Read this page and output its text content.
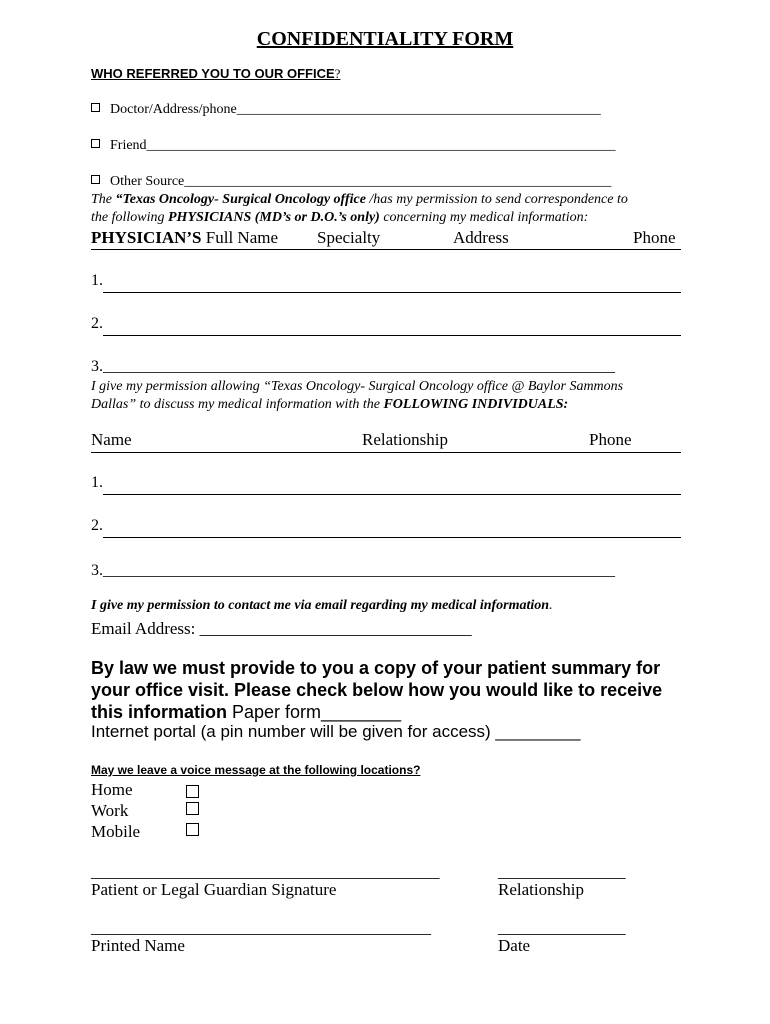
CONFIDENTIALITY FORM
WHO REFERRED YOU TO OUR OFFICE?
Doctor/Address/phone____________________________________________________
Friend___________________________________________________________________
Other Source_____________________________________________________________
The “Texas Oncology- Surgical Oncology office /has my permission to send correspondence to
the following PHYSICIANS (MD’s or D.O.’s only) concerning my medical information:
PHYSICIAN’S Full Name Specialty	Address	Phone
1.
2.
3.________________________________________________________________
I give my permission allowing “Texas Oncology- Surgical Oncology office @ Baylor Sammons
Dallas” to discuss my medical information with the FOLLOWING INDIVIDUALS:
Name	Relationship	Phone
1.
2.
3.________________________________________________________________
I give my permission to contact me via email regarding my medical information.
Email Address: ________________________________
By law we must provide to you a copy of your patient summary for your office visit. Please check below how you would like to receive this information Paper form________
Internet portal (a pin number will be given for access) _________
May we leave a voice message at the following locations?
Home
Work
Mobile
_________________________________________	_______________
Patient or Legal Guardian Signature	Relationship
________________________________________	_______________
Printed Name	Date
